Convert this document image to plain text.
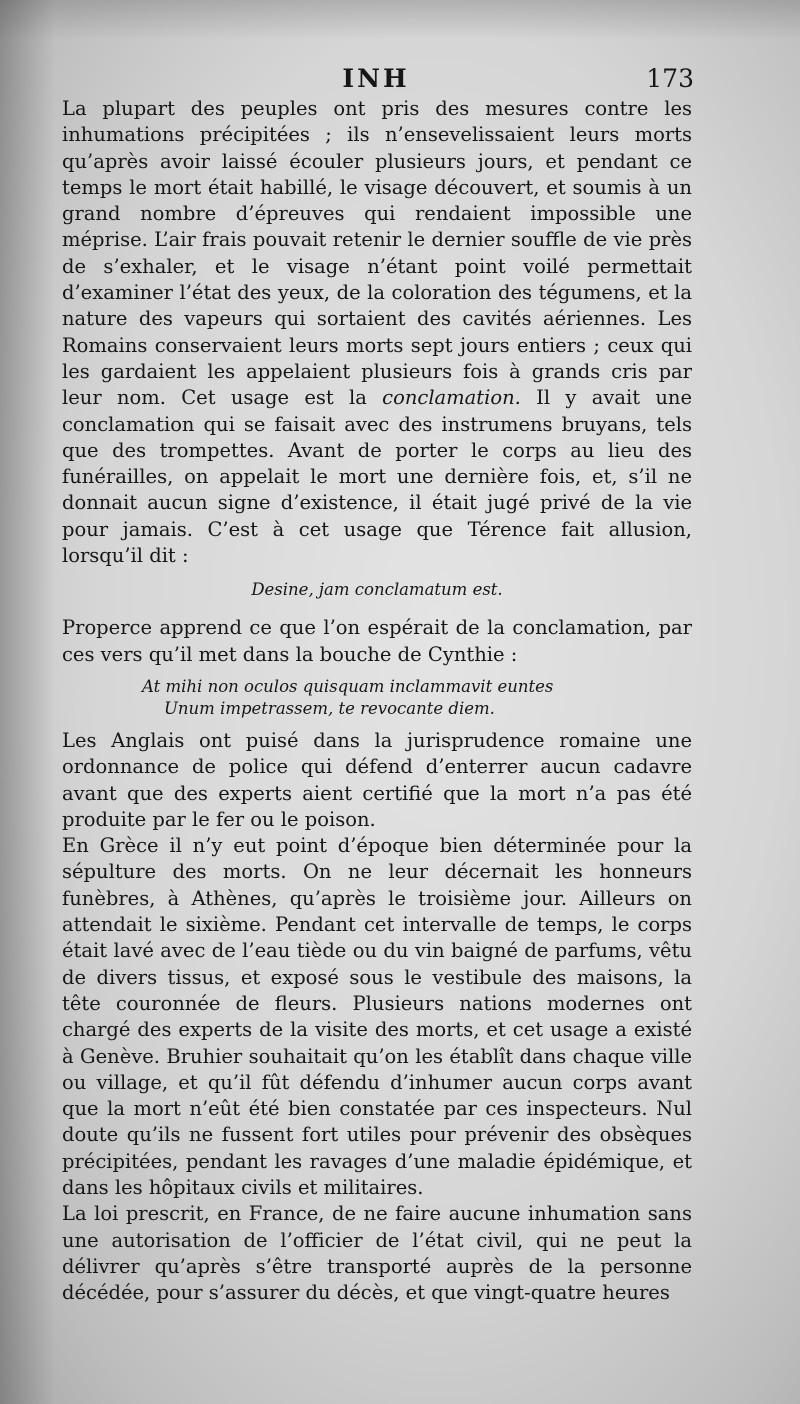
INH	173

La plupart des peuples ont pris des mesures contre les inhumations précipitées ; ils n’ensevelissaient leurs morts qu’après avoir laissé écouler plusieurs jours, et pendant ce temps le mort était habillé, le visage découvert, et soumis à un grand nombre d’épreuves qui rendaient impossible une méprise. L’air frais pouvait retenir le dernier souffle de vie près de s’exhaler, et le visage n’étant point voilé permettait d’examiner l’état des yeux, de la coloration des tégumens, et la nature des vapeurs qui sortaient des cavités aériennes. Les Romains conservaient leurs morts sept jours entiers ; ceux qui les gardaient les appelaient plusieurs fois à grands cris par leur nom. Cet usage est la conclamation. Il y avait une conclamation qui se faisait avec des instrumens bruyans, tels que des trompettes. Avant de porter le corps au lieu des funérailles, on appelait le mort une dernière fois, et, s’il ne donnait aucun signe d’existence, il était jugé privé de la vie pour jamais. C’est à cet usage que Térence fait allusion, lorsqu’il dit :

Desine, jam conclamatum est.

Properce apprend ce que l’on espérait de la conclamation, par ces vers qu’il met dans la bouche de Cynthie :

At mihi non oculos quisquam inclammavit euntes
Unum impetrassem, te revocante diem.

Les Anglais ont puisé dans la jurisprudence romaine une ordonnance de police qui défend d’enterrer aucun cadavre avant que des experts aient certifié que la mort n’a pas été produite par le fer ou le poison.

En Grèce il n’y eut point d’époque bien déterminée pour la sépulture des morts. On ne leur décernait les honneurs funèbres, à Athènes, qu’après le troisième jour. Ailleurs on attendait le sixième. Pendant cet intervalle de temps, le corps était lavé avec de l’eau tiède ou du vin baigné de parfums, vêtu de divers tissus, et exposé sous le vestibule des maisons, la tête couronnée de fleurs. Plusieurs nations modernes ont chargé des experts de la visite des morts, et cet usage a existé à Genève. Bruhier souhaitait qu’on les établît dans chaque ville ou village, et qu’il fût défendu d’inhumer aucun corps avant que la mort n’eût été bien constatée par ces inspecteurs. Nul doute qu’ils ne fussent fort utiles pour prévenir des obsèques précipitées, pendant les ravages d’une maladie épidémique, et dans les hôpitaux civils et militaires.

La loi prescrit, en France, de ne faire aucune inhumation sans une autorisation de l’officier de l’état civil, qui ne peut la délivrer qu’après s’être transporté auprès de la personne décédée, pour s’assurer du décès, et que vingt-quatre heures
